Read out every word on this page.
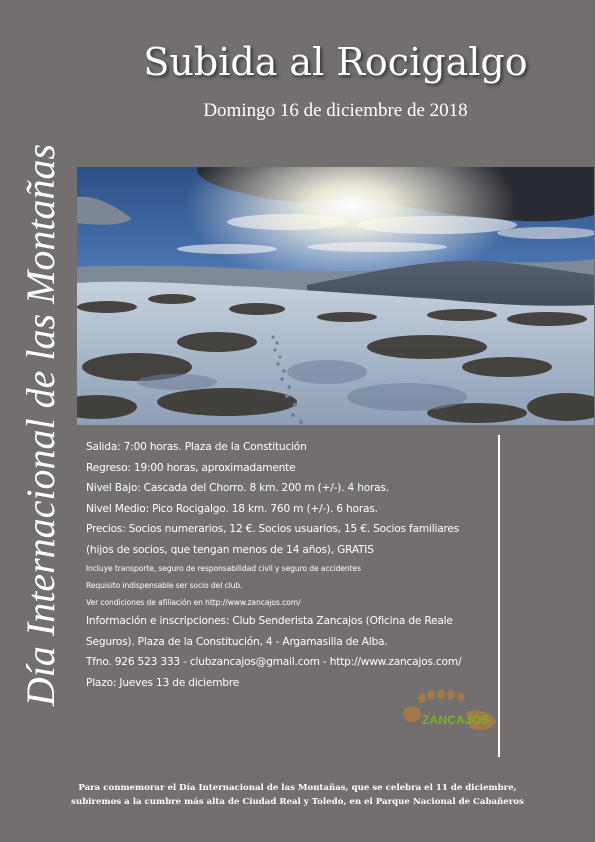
Día Internacional de las Montañas
Subida al Rocigalgo
Domingo 16 de diciembre de 2018
Salida: 7:00 horas. Plaza de la Constitución
Regreso: 19:00 horas, aproximadamente
Nivel Bajo: Cascada del Chorro. 8 km. 200 m (+/-). 4 horas.
Nivel Medio: Pico Rocigalgo. 18 km. 760 m (+/-). 6 horas.
Precios: Socios numerarios, 12 €. Socios usuarios, 15 €. Socios familiares
(hijos de socios, que tengan menos de 14 años), GRATIS
Incluye transporte, seguro de responsabilidad civil y seguro de accidentes
Requisito indispensable ser socio del club.
Ver condiciones de afiliación en http://www.zancajos.com/
Información e inscripciones: Club Senderista Zancajos (Oficina de Reale
Seguros). Plaza de la Constitución, 4 - Argamasilla de Alba.
Tfno. 926 523 333 - clubzancajos@gmail.com - http://www.zancajos.com/
Plazo: Jueves 13 de diciembre
ZANCAJOS
Para conmemorar el Día Internacional de las Montañas, que se celebra el 11 de diciembre,
subiremos a la cumbre más alta de Ciudad Real y Toledo, en el Parque Nacional de Cabañeros
